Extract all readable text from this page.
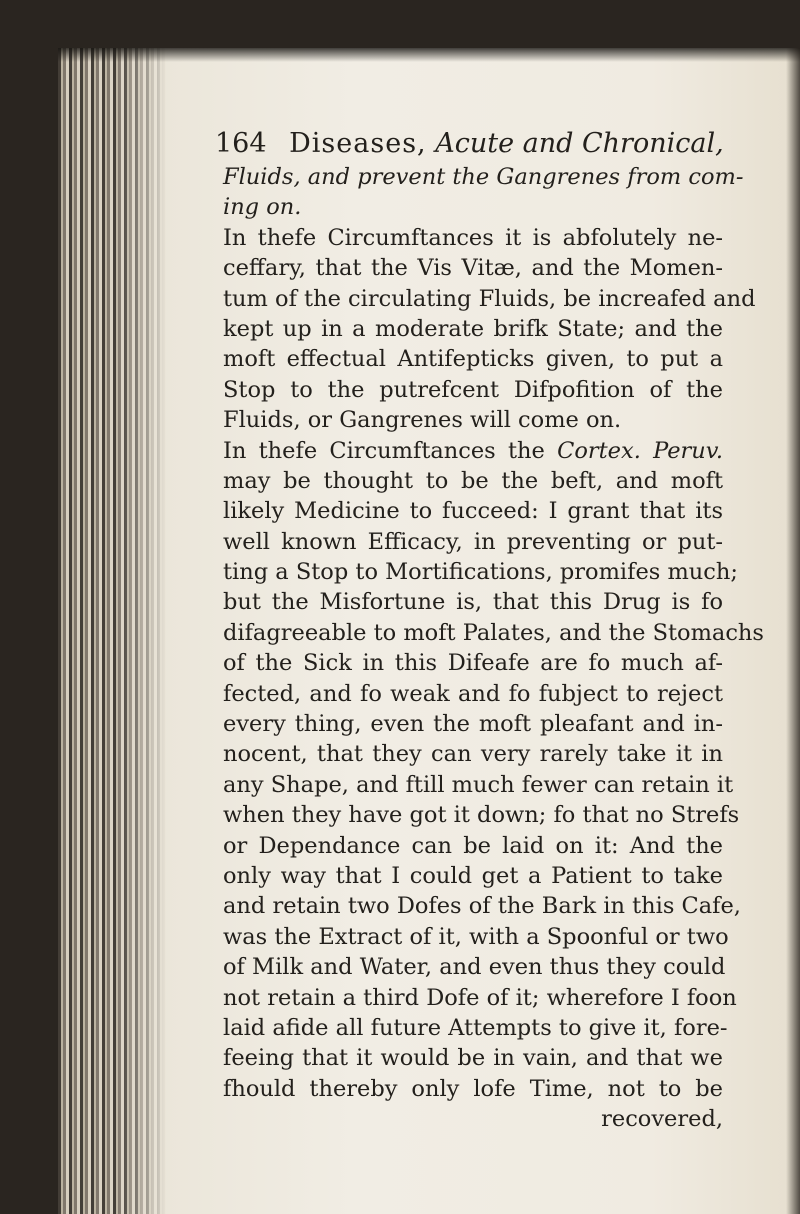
164 Diseases, Acute and Chronical,
Fluids, and prevent the Gangrenes from com-
ing on.
In thefe Circumftances it is abfolutely ne-
ceffary, that the Vis Vitæ, and the Momen-
tum of the circulating Fluids, be increafed and
kept up in a moderate brifk State; and the
moft effectual Antifepticks given, to put a
Stop to the putrefcent Difpofition of the
Fluids, or Gangrenes will come on.
In thefe Circumftances the Cortex. Peruv.
may be thought to be the beft, and moft
likely Medicine to fucceed: I grant that its
well known Efficacy, in preventing or put-
ting a Stop to Mortifications, promifes much;
but the Misfortune is, that this Drug is fo
difagreeable to moft Palates, and the Stomachs
of the Sick in this Difeafe are fo much af-
fected, and fo weak and fo fubject to reject
every thing, even the moft pleafant and in-
nocent, that they can very rarely take it in
any Shape, and ftill much fewer can retain it
when they have got it down; fo that no Strefs
or Dependance can be laid on it: And the
only way that I could get a Patient to take
and retain two Dofes of the Bark in this Cafe,
was the Extract of it, with a Spoonful or two
of Milk and Water, and even thus they could
not retain a third Dofe of it; wherefore I foon
laid afide all future Attempts to give it, fore-
feeing that it would be in vain, and that we
fhould thereby only lofe Time, not to be
recovered,
